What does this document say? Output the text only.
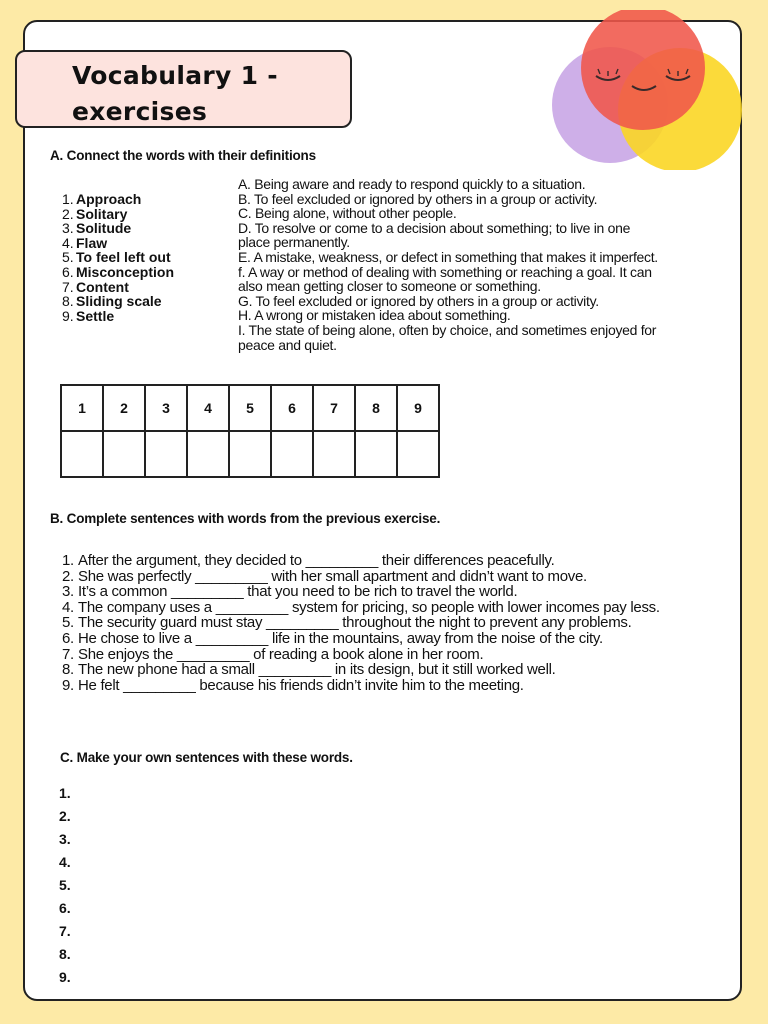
Vocabulary 1 -
exercises
A. Connect the words with their definitions
1. Approach
2. Solitary
3. Solitude
4. Flaw
5. To feel left out
6. Misconception
7. Content
8. Sliding scale
9. Settle
A. Being aware and ready to respond quickly to a situation.
B. To feel excluded or ignored by others in a group or activity.
C. Being alone, without other people.
D. To resolve or come to a decision about something; to live in one
place permanently.
E. A mistake, weakness, or defect in something that makes it imperfect.
f. A way or method of dealing with something or reaching a goal. It can
also mean getting closer to someone or something.
G. To feel excluded or ignored by others in a group or activity.
H. A wrong or mistaken idea about something.
I. The state of being alone, often by choice, and sometimes enjoyed for
peace and quiet.
1	2	3	4	5	6	7	8	9

B. Complete sentences with words from the previous exercise.
1. After the argument, they decided to _________ their differences peacefully.
2. She was perfectly _________ with her small apartment and didn’t want to move.
3. It’s a common _________ that you need to be rich to travel the world.
4. The company uses a _________ system for pricing, so people with lower incomes pay less.
5. The security guard must stay _________ throughout the night to prevent any problems.
6. He chose to live a _________ life in the mountains, away from the noise of the city.
7. She enjoys the _________ of reading a book alone in her room.
8. The new phone had a small _________ in its design, but it still worked well.
9. He felt _________ because his friends didn’t invite him to the meeting.
C. Make your own sentences with these words.
1.
2.
3.
4.
5.
6.
7.
8.
9.
